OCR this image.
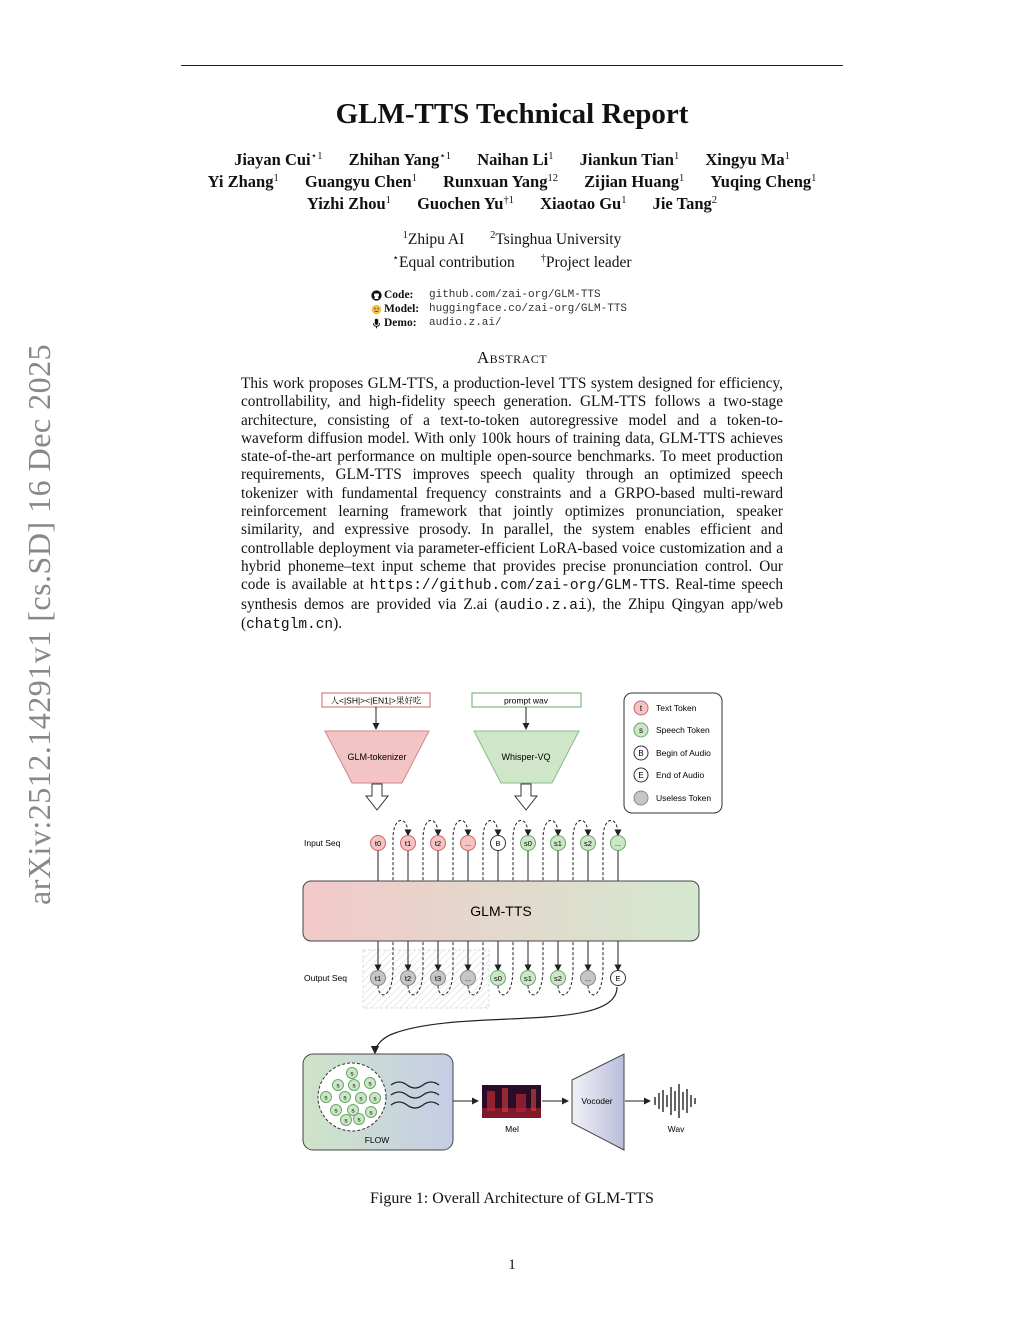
arXiv:2512.14291v1 [cs.SD] 16 Dec 2025
GLM-TTS Technical Report
Jiayan Cui$^{⋆1}$ Zhihan Yang$^{⋆1}$ Naihan Li$^1$ Jiankun Tian$^1$ Xingyu Ma$^1$
Yi Zhang$^1$ Guangyu Chen$^1$ Runxuan Yang$^{12}$ Zijian Huang$^1$ Yuqing Cheng$^1$
Yizhi Zhou$^1$ Guochen Yu$^{\dagger 1}$ Xiaotao Gu$^1$ Jie Tang$^2$
$^1$Zhipu AI $^2$Tsinghua University
⋆Equal contribution †Project leader
Code: github.com/zai-org/GLM-TTS
Model: huggingface.co/zai-org/GLM-TTS
Demo: audio.z.ai/
Abstract
This work proposes GLM-TTS, a production-level TTS system designed for efficiency, controllability, and high-fidelity speech generation. GLM-TTS follows a two-stage architecture, consisting of a text-to-token autoregressive model and a token-to-waveform diffusion model. With only 100k hours of training data, GLM-TTS achieves state-of-the-art performance on multiple open-source benchmarks. To meet production requirements, GLM-TTS improves speech quality through an optimized speech tokenizer with fundamental frequency constraints and a GRPO-based multi-reward reinforcement learning framework that jointly optimizes pronunciation, speaker similarity, and expressive prosody. In parallel, the system enables efficient and controllable deployment via parameter-efficient LoRA-based voice customization and a hybrid phoneme–text input scheme that provides precise pronunciation control. Our code is available at https://github.com/zai-org/GLM-TTS. Real-time speech synthesis demos are provided via Z.ai (audio.z.ai), the Zhipu Qingyan app/web (chatglm.cn).
人<|SH|><|EN1|>果好吃
GLM-tokenizer
prompt wav
Whisper-VQ
t Text Token
s Speech Token
B Begin of Audio
E End of Audio
Useless Token
Input Seq
Output Seq
t0	t1	t2	...	B	s0	s1	s2	...
t1	t2	t3	...	s0	s1	s2	...	E
GLM-TTS
s
s s s
s s s s
s s s
s s
FLOW
Mel
Vocoder
Wav
Figure 1: Overall Architecture of GLM-TTS
1
